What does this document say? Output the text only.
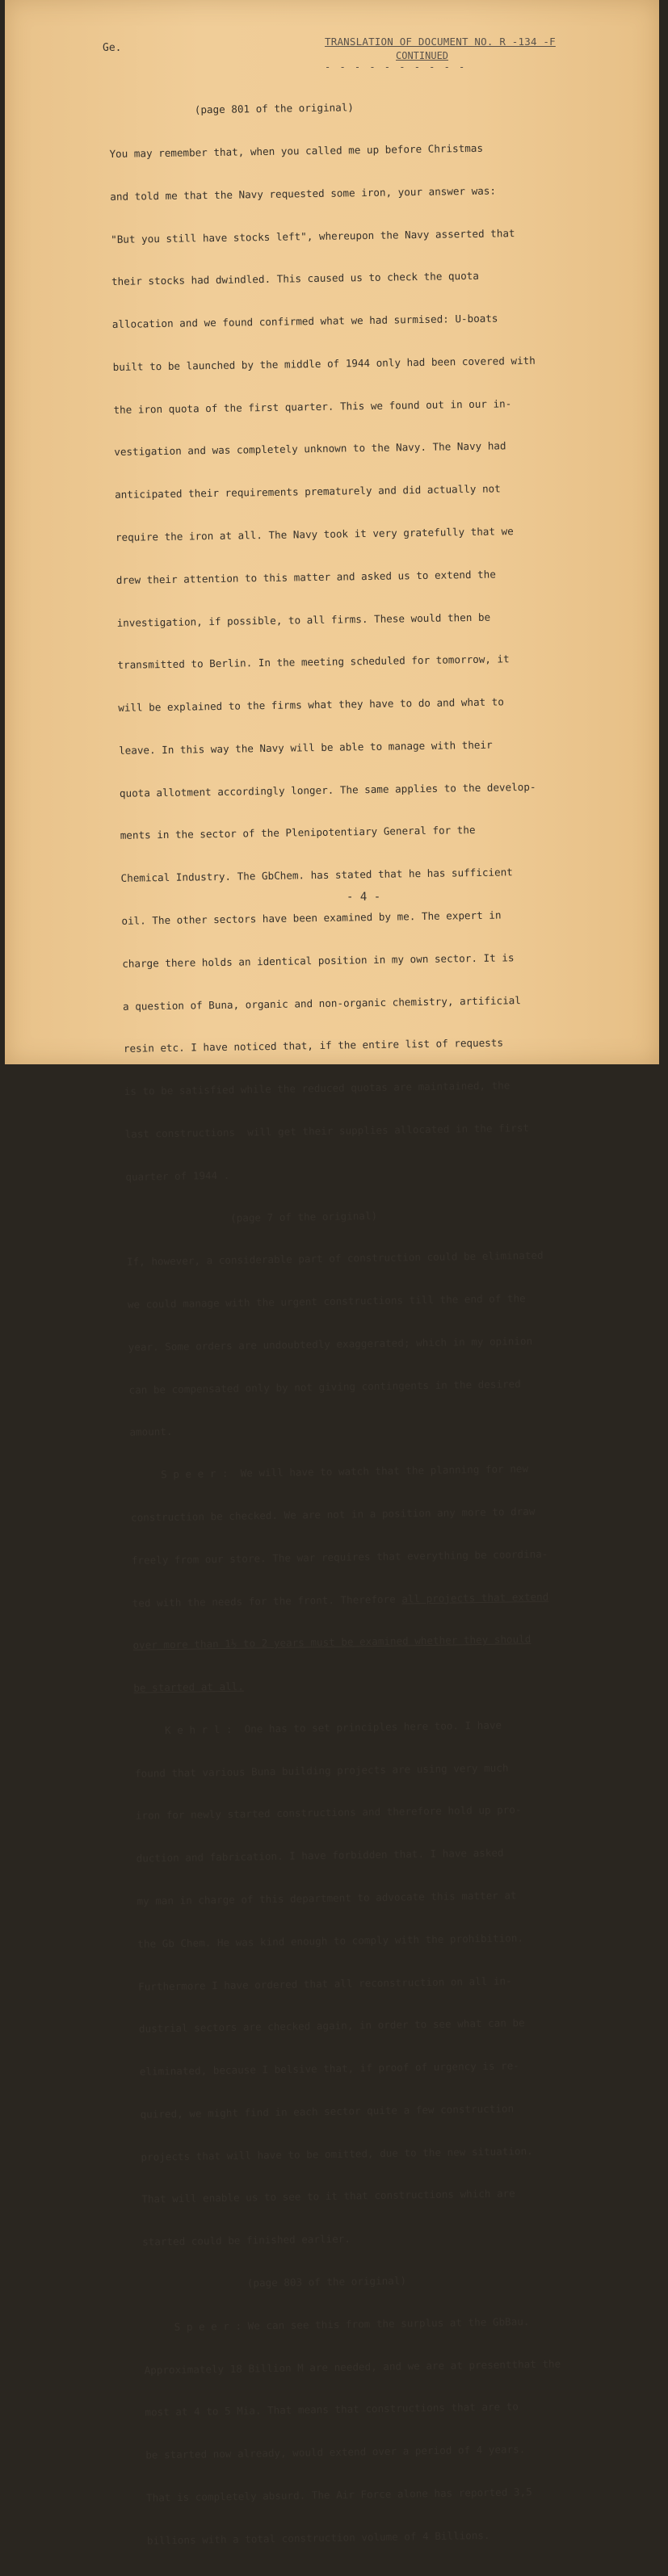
Ge.
TRANSLATION OF DOCUMENT NO. R -134 -F
CONTINUED
- - - - - - - - - -

(page 801 of the original)

You may remember that, when you called me up before Christmas

and told me that the Navy requested some iron, your answer was:

"But you still have stocks left", whereupon the Navy asserted that

their stocks had dwindled. This caused us to check the quota

allocation and we found confirmed what we had surmised: U-boats

built to be launched by the middle of 1944 only had been covered with

the iron quota of the first quarter. This we found out in our in-

vestigation and was completely unknown to the Navy. The Navy had

anticipated their requirements prematurely and did actually not

require the iron at all. The Navy took it very gratefully that we

drew their attention to this matter and asked us to extend the

investigation, if possible, to all firms. These would then be

transmitted to Berlin. In the meeting scheduled for tomorrow, it

will be explained to the firms what they have to do and what to

leave. In this way the Navy will be able to manage with their

quota allotment accordingly longer. The same applies to the develop-

ments in the sector of the Plenipotentiary General for the

Chemical Industry. The GbChem. has stated that he has sufficient

oil. The other sectors have been examined by me. The expert in

charge there holds an identical position in my own sector. It is

a question of Buna, organic and non-organic chemistry, artificial

resin etc. I have noticed that, if the entire list of requests

is to be satisfied while the reduced quotas are maintained, the

last constructions  will get their supplies allocated in the first

quarter of 1944 .

(page 7 of the original)

If, however, a considerable part of construction could be eliminated

we could manage with the urgent constructions till the end of the

year. Some orders are undoubtedly exaggerated; which in my opinion

can be compensated only by not giving contingents in the desired

amount.

S p e e r :  We will have to watch that the planning for new

construction be checked. We are not in a position any more to draw

freely from our store. The war requires that everything be coordina-

ted with the needs for the front. Therefore all projects that extend

over more than 1½ to 2 years must be examined whether they should

be started at all.

K e h r l :  One has to set principles here too. I have

found that various Buna building projects are using very much

iron for newly started constructions and therefore hold up pro-

duction and fabrication. I have forbidden that. I have asked

my man in charge of this department to advocate this matter at

the Gb Chem. He was kind enough to comply with the prohibition.

Furthermore I have ordered that all reconstruction on all in-

dustrial sectors are checked again, in order to see what can be

eliminated, because I belsive that, if proof of urgency is re-

quired, we might find in each sector quite a few construction

projects that will have to be omitted, due to the new situation.

That will enable us to see to it that constructions which are

started could be finished earlier.

(page 803 of the original)

S p e e r : We can see this from the surplus at the GbBau.

Approximately 18 Billion M are needed, and we are at presentthat the

most at 4 to 5 Mia. That means that constructions that are to

be started now already, would extend over a period of 4 years.

That is completely absurd. The Air Force alone has reported 3,5

billions with a total construction volume of 4 Billions.

- 4 -
